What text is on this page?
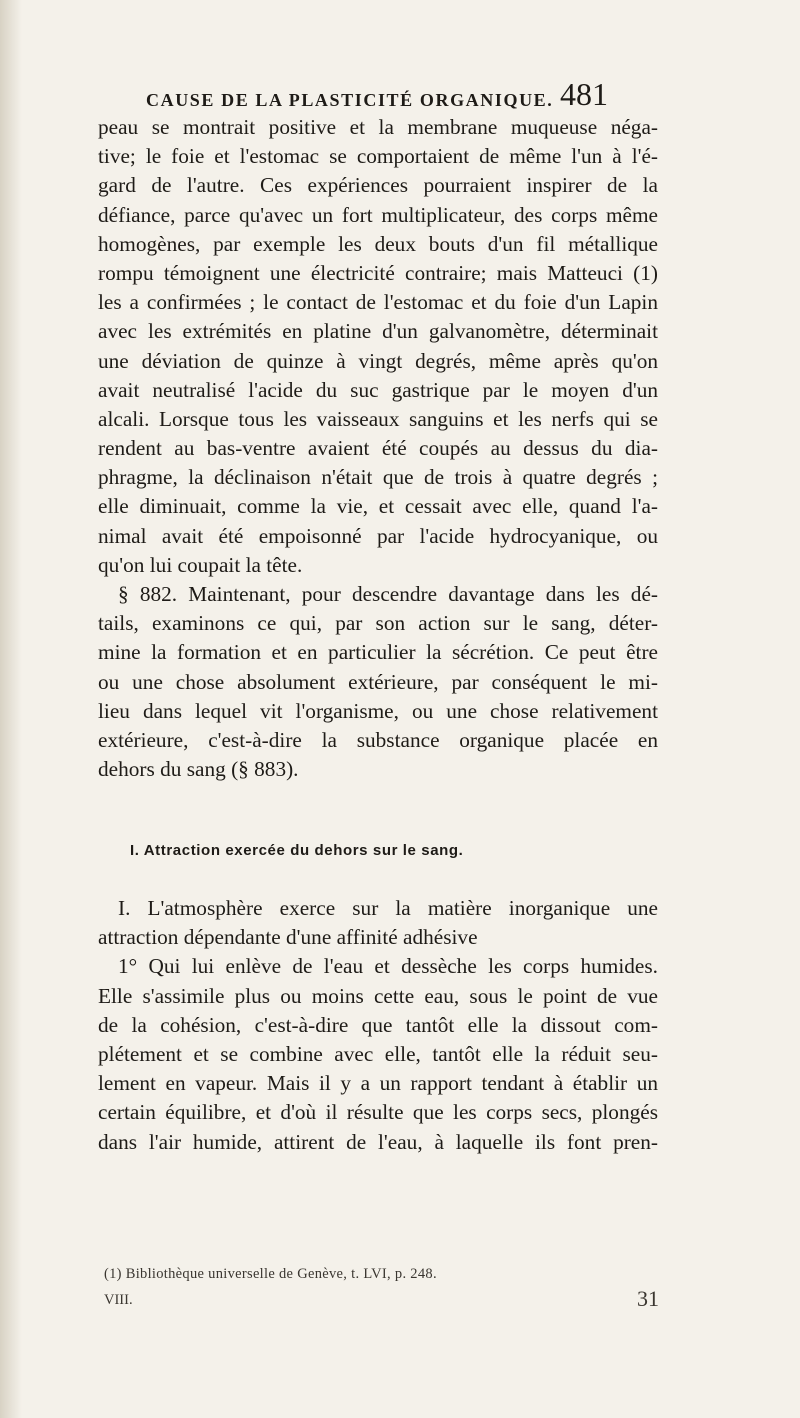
CAUSE DE LA PLASTICITÉ ORGANIQUE. 481
peau se montrait positive et la membrane muqueuse néga-
tive; le foie et l'estomac se comportaient de même l'un à l'é-
gard de l'autre. Ces expériences pourraient inspirer de la
défiance, parce qu'avec un fort multiplicateur, des corps même
homogènes, par exemple les deux bouts d'un fil métallique
rompu témoignent une électricité contraire; mais Matteuci (1)
les a confirmées ; le contact de l'estomac et du foie d'un Lapin
avec les extrémités en platine d'un galvanomètre, déterminait
une déviation de quinze à vingt degrés, même après qu'on
avait neutralisé l'acide du suc gastrique par le moyen d'un
alcali. Lorsque tous les vaisseaux sanguins et les nerfs qui se
rendent au bas-ventre avaient été coupés au dessus du dia-
phragme, la déclinaison n'était que de trois à quatre degrés ;
elle diminuait, comme la vie, et cessait avec elle, quand l'a-
nimal avait été empoisonné par l'acide hydrocyanique, ou
qu'on lui coupait la tête.
§ 882. Maintenant, pour descendre davantage dans les dé-
tails, examinons ce qui, par son action sur le sang, déter-
mine la formation et en particulier la sécrétion. Ce peut être
ou une chose absolument extérieure, par conséquent le mi-
lieu dans lequel vit l'organisme, ou une chose relativement
extérieure, c'est-à-dire la substance organique placée en
dehors du sang (§ 883).
I. Attraction exercée du dehors sur le sang.
I. L'atmosphère exerce sur la matière inorganique une
attraction dépendante d'une affinité adhésive
1° Qui lui enlève de l'eau et dessèche les corps humides.
Elle s'assimile plus ou moins cette eau, sous le point de vue
de la cohésion, c'est-à-dire que tantôt elle la dissout com-
plétement et se combine avec elle, tantôt elle la réduit seu-
lement en vapeur. Mais il y a un rapport tendant à établir un
certain équilibre, et d'où il résulte que les corps secs, plongés
dans l'air humide, attirent de l'eau, à laquelle ils font pren-
(1) Bibliothèque universelle de Genève, t. LVI, p. 248.
VIII.	31
